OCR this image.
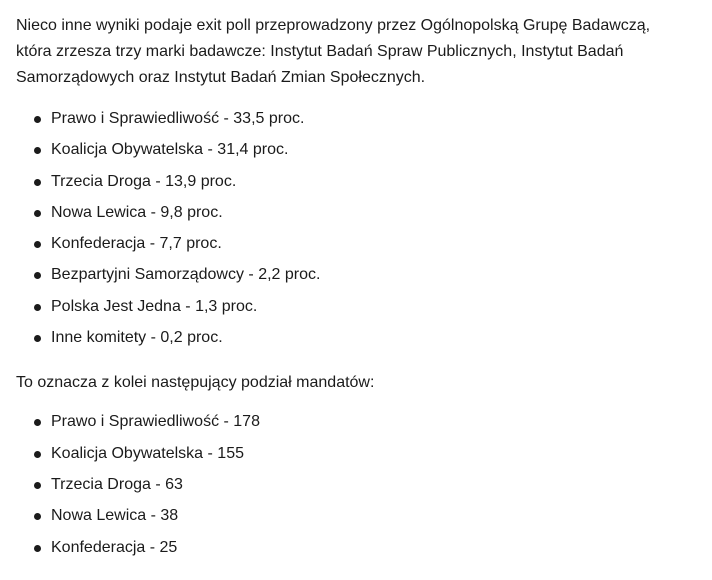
Nieco inne wyniki podaje exit poll przeprowadzony przez Ogólnopolską Grupę Badawczą,
która zrzesza trzy marki badawcze: Instytut Badań Spraw Publicznych, Instytut Badań
Samorządowych oraz Instytut Badań Zmian Społecznych.

Prawo i Sprawiedliwość - 33,5 proc.
Koalicja Obywatelska - 31,4 proc.
Trzecia Droga - 13,9 proc.
Nowa Lewica - 9,8 proc.
Konfederacja - 7,7 proc.
Bezpartyjni Samorządowcy - 2,2 proc.
Polska Jest Jedna - 1,3 proc.
Inne komitety - 0,2 proc.

To oznacza z kolei następujący podział mandatów:

Prawo i Sprawiedliwość - 178
Koalicja Obywatelska - 155
Trzecia Droga - 63
Nowa Lewica - 38
Konfederacja - 25
